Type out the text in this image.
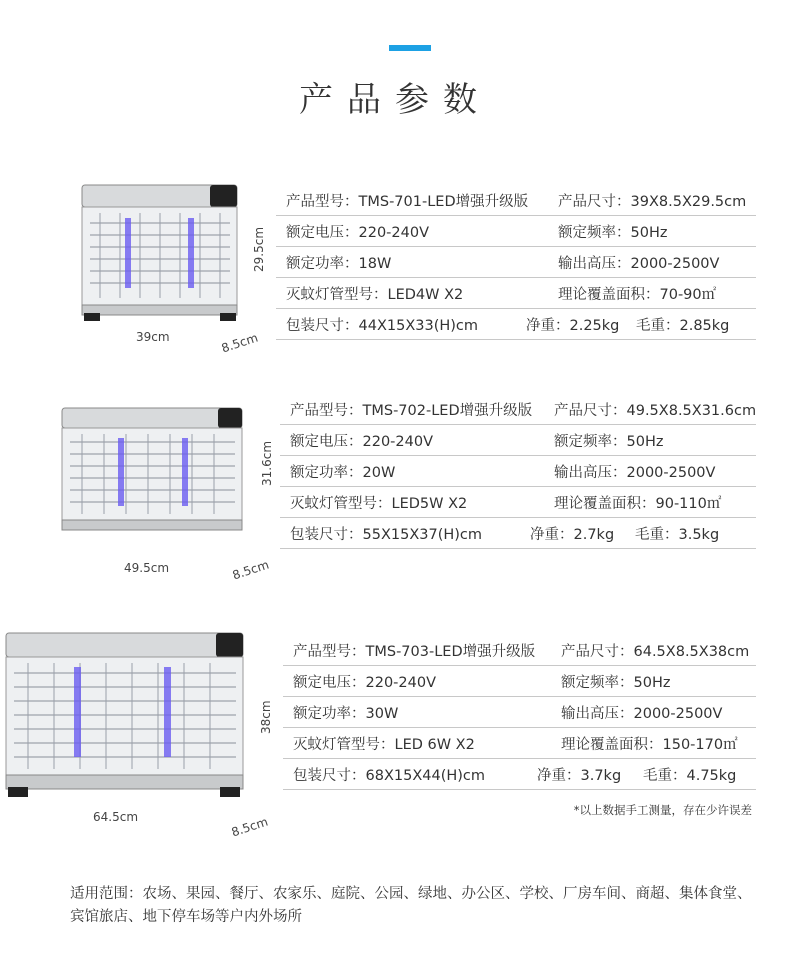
产品参数
29.5cm
39cm	8.5cm
产品型号：TMS-701-LED增强升级版 产品尺寸：39X8.5X29.5cm
额定电压：220-240V	额定频率：50Hz
额定功率：18W	输出高压：2000-2500V
灭蚊灯管型号：LED4W X2	理论覆盖面积：70-90㎡
包装尺寸：44X15X33(H)cm	净重：2.25kg 毛重：2.85kg
31.6cm
49.5cm	8.5cm
产品型号：TMS-702-LED增强升级版 产品尺寸：49.5X8.5X31.6cm
额定电压：220-240V	额定频率：50Hz
额定功率：20W	输出高压：2000-2500V
灭蚊灯管型号：LED5W X2	理论覆盖面积：90-110㎡
包装尺寸：55X15X37(H)cm	净重：2.7kg 毛重：3.5kg
38cm
64.5cm	8.5cm
产品型号：TMS-703-LED增强升级版 产品尺寸：64.5X8.5X38cm
额定电压：220-240V	额定频率：50Hz
额定功率：30W	输出高压：2000-2500V
灭蚊灯管型号：LED 6W X2	理论覆盖面积：150-170㎡
包装尺寸：68X15X44(H)cm	净重：3.7kg 毛重：4.75kg
*以上数据手工测量，存在少许误差
适用范围：农场、果园、餐厅、农家乐、庭院、公园、绿地、办公区、学校、厂房车间、商超、集体食堂、宾馆旅店、地下停车场等户内外场所
